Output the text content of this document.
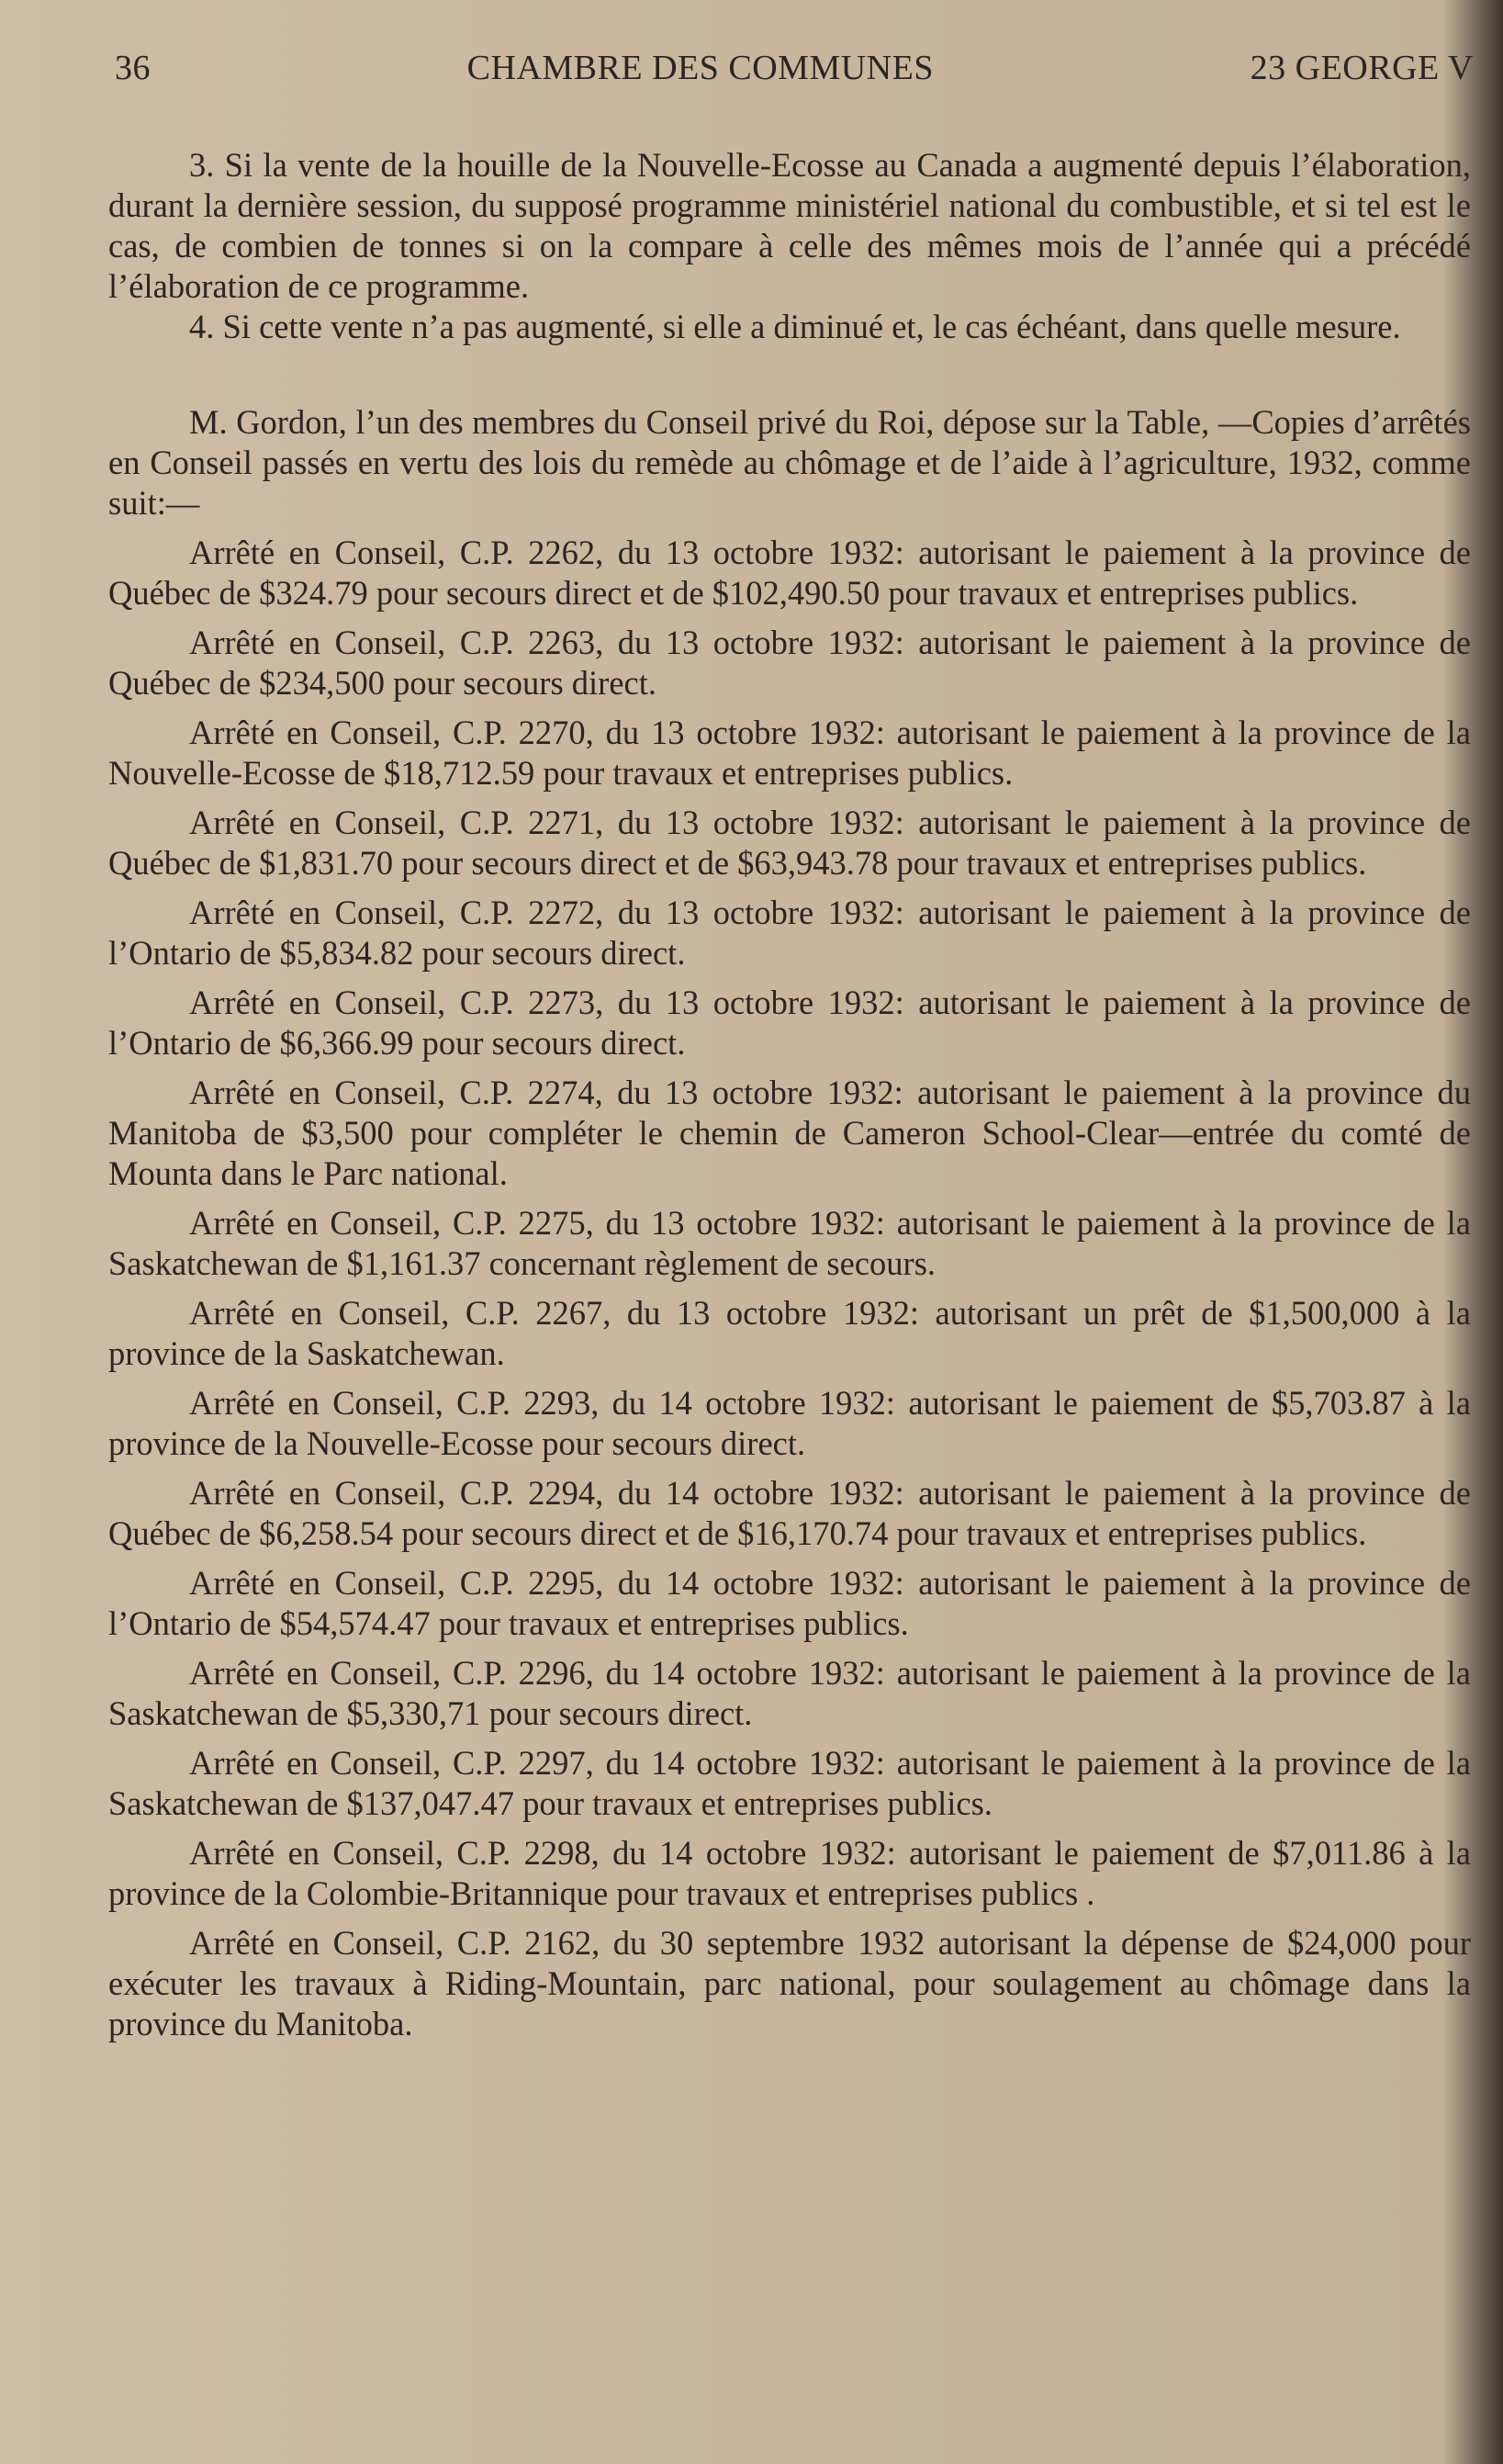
36	CHAMBRE DES COMMUNES	23 GEORGE V

3. Si la vente de la houille de la Nouvelle-Ecosse au Canada a augmenté depuis l’élaboration, durant la dernière session, du supposé programme ministériel national du combustible, et si tel est le cas, de combien de tonnes si on la compare à celle des mêmes mois de l’année qui a précédé l’élaboration de ce programme.

4. Si cette vente n’a pas augmenté, si elle a diminué et, le cas échéant, dans quelle mesure.

M. Gordon, l’un des membres du Conseil privé du Roi, dépose sur la Table, —Copies d’arrêtés en Conseil passés en vertu des lois du remède au chômage et de l’aide à l’agriculture, 1932, comme suit:—

Arrêté en Conseil, C.P. 2262, du 13 octobre 1932: autorisant le paiement à la province de Québec de $324.79 pour secours direct et de $102,490.50 pour travaux et entreprises publics.

Arrêté en Conseil, C.P. 2263, du 13 octobre 1932: autorisant le paiement à la province de Québec de $234,500 pour secours direct.

Arrêté en Conseil, C.P. 2270, du 13 octobre 1932: autorisant le paiement à la province de la Nouvelle-Ecosse de $18,712.59 pour travaux et entreprises publics.

Arrêté en Conseil, C.P. 2271, du 13 octobre 1932: autorisant le paiement à la province de Québec de $1,831.70 pour secours direct et de $63,943.78 pour travaux et entreprises publics.

Arrêté en Conseil, C.P. 2272, du 13 octobre 1932: autorisant le paiement à la province de l’Ontario de $5,834.82 pour secours direct.

Arrêté en Conseil, C.P. 2273, du 13 octobre 1932: autorisant le paiement à la province de l’Ontario de $6,366.99 pour secours direct.

Arrêté en Conseil, C.P. 2274, du 13 octobre 1932: autorisant le paiement à la province du Manitoba de $3,500 pour compléter le chemin de Cameron School-Clear—entrée du comté de Mounta dans le Parc national.

Arrêté en Conseil, C.P. 2275, du 13 octobre 1932: autorisant le paiement à la province de la Saskatchewan de $1,161.37 concernant règlement de secours.

Arrêté en Conseil, C.P. 2267, du 13 octobre 1932: autorisant un prêt de $1,500,000 à la province de la Saskatchewan.

Arrêté en Conseil, C.P. 2293, du 14 octobre 1932: autorisant le paiement de $5,703.87 à la province de la Nouvelle-Ecosse pour secours direct.

Arrêté en Conseil, C.P. 2294, du 14 octobre 1932: autorisant le paiement à la province de Québec de $6,258.54 pour secours direct et de $16,170.74 pour travaux et entreprises publics.

Arrêté en Conseil, C.P. 2295, du 14 octobre 1932: autorisant le paiement à la province de l’Ontario de $54,574.47 pour travaux et entreprises publics.

Arrêté en Conseil, C.P. 2296, du 14 octobre 1932: autorisant le paiement à la province de la Saskatchewan de $5,330,71 pour secours direct.

Arrêté en Conseil, C.P. 2297, du 14 octobre 1932: autorisant le paiement à la province de la Saskatchewan de $137,047.47 pour travaux et entreprises publics.

Arrêté en Conseil, C.P. 2298, du 14 octobre 1932: autorisant le paiement de $7,011.86 à la province de la Colombie-Britannique pour travaux et entreprises publics .

Arrêté en Conseil, C.P. 2162, du 30 septembre 1932 autorisant la dépense de $24,000 pour exécuter les travaux à Riding-Mountain, parc national, pour soulagement au chômage dans la province du Manitoba.
